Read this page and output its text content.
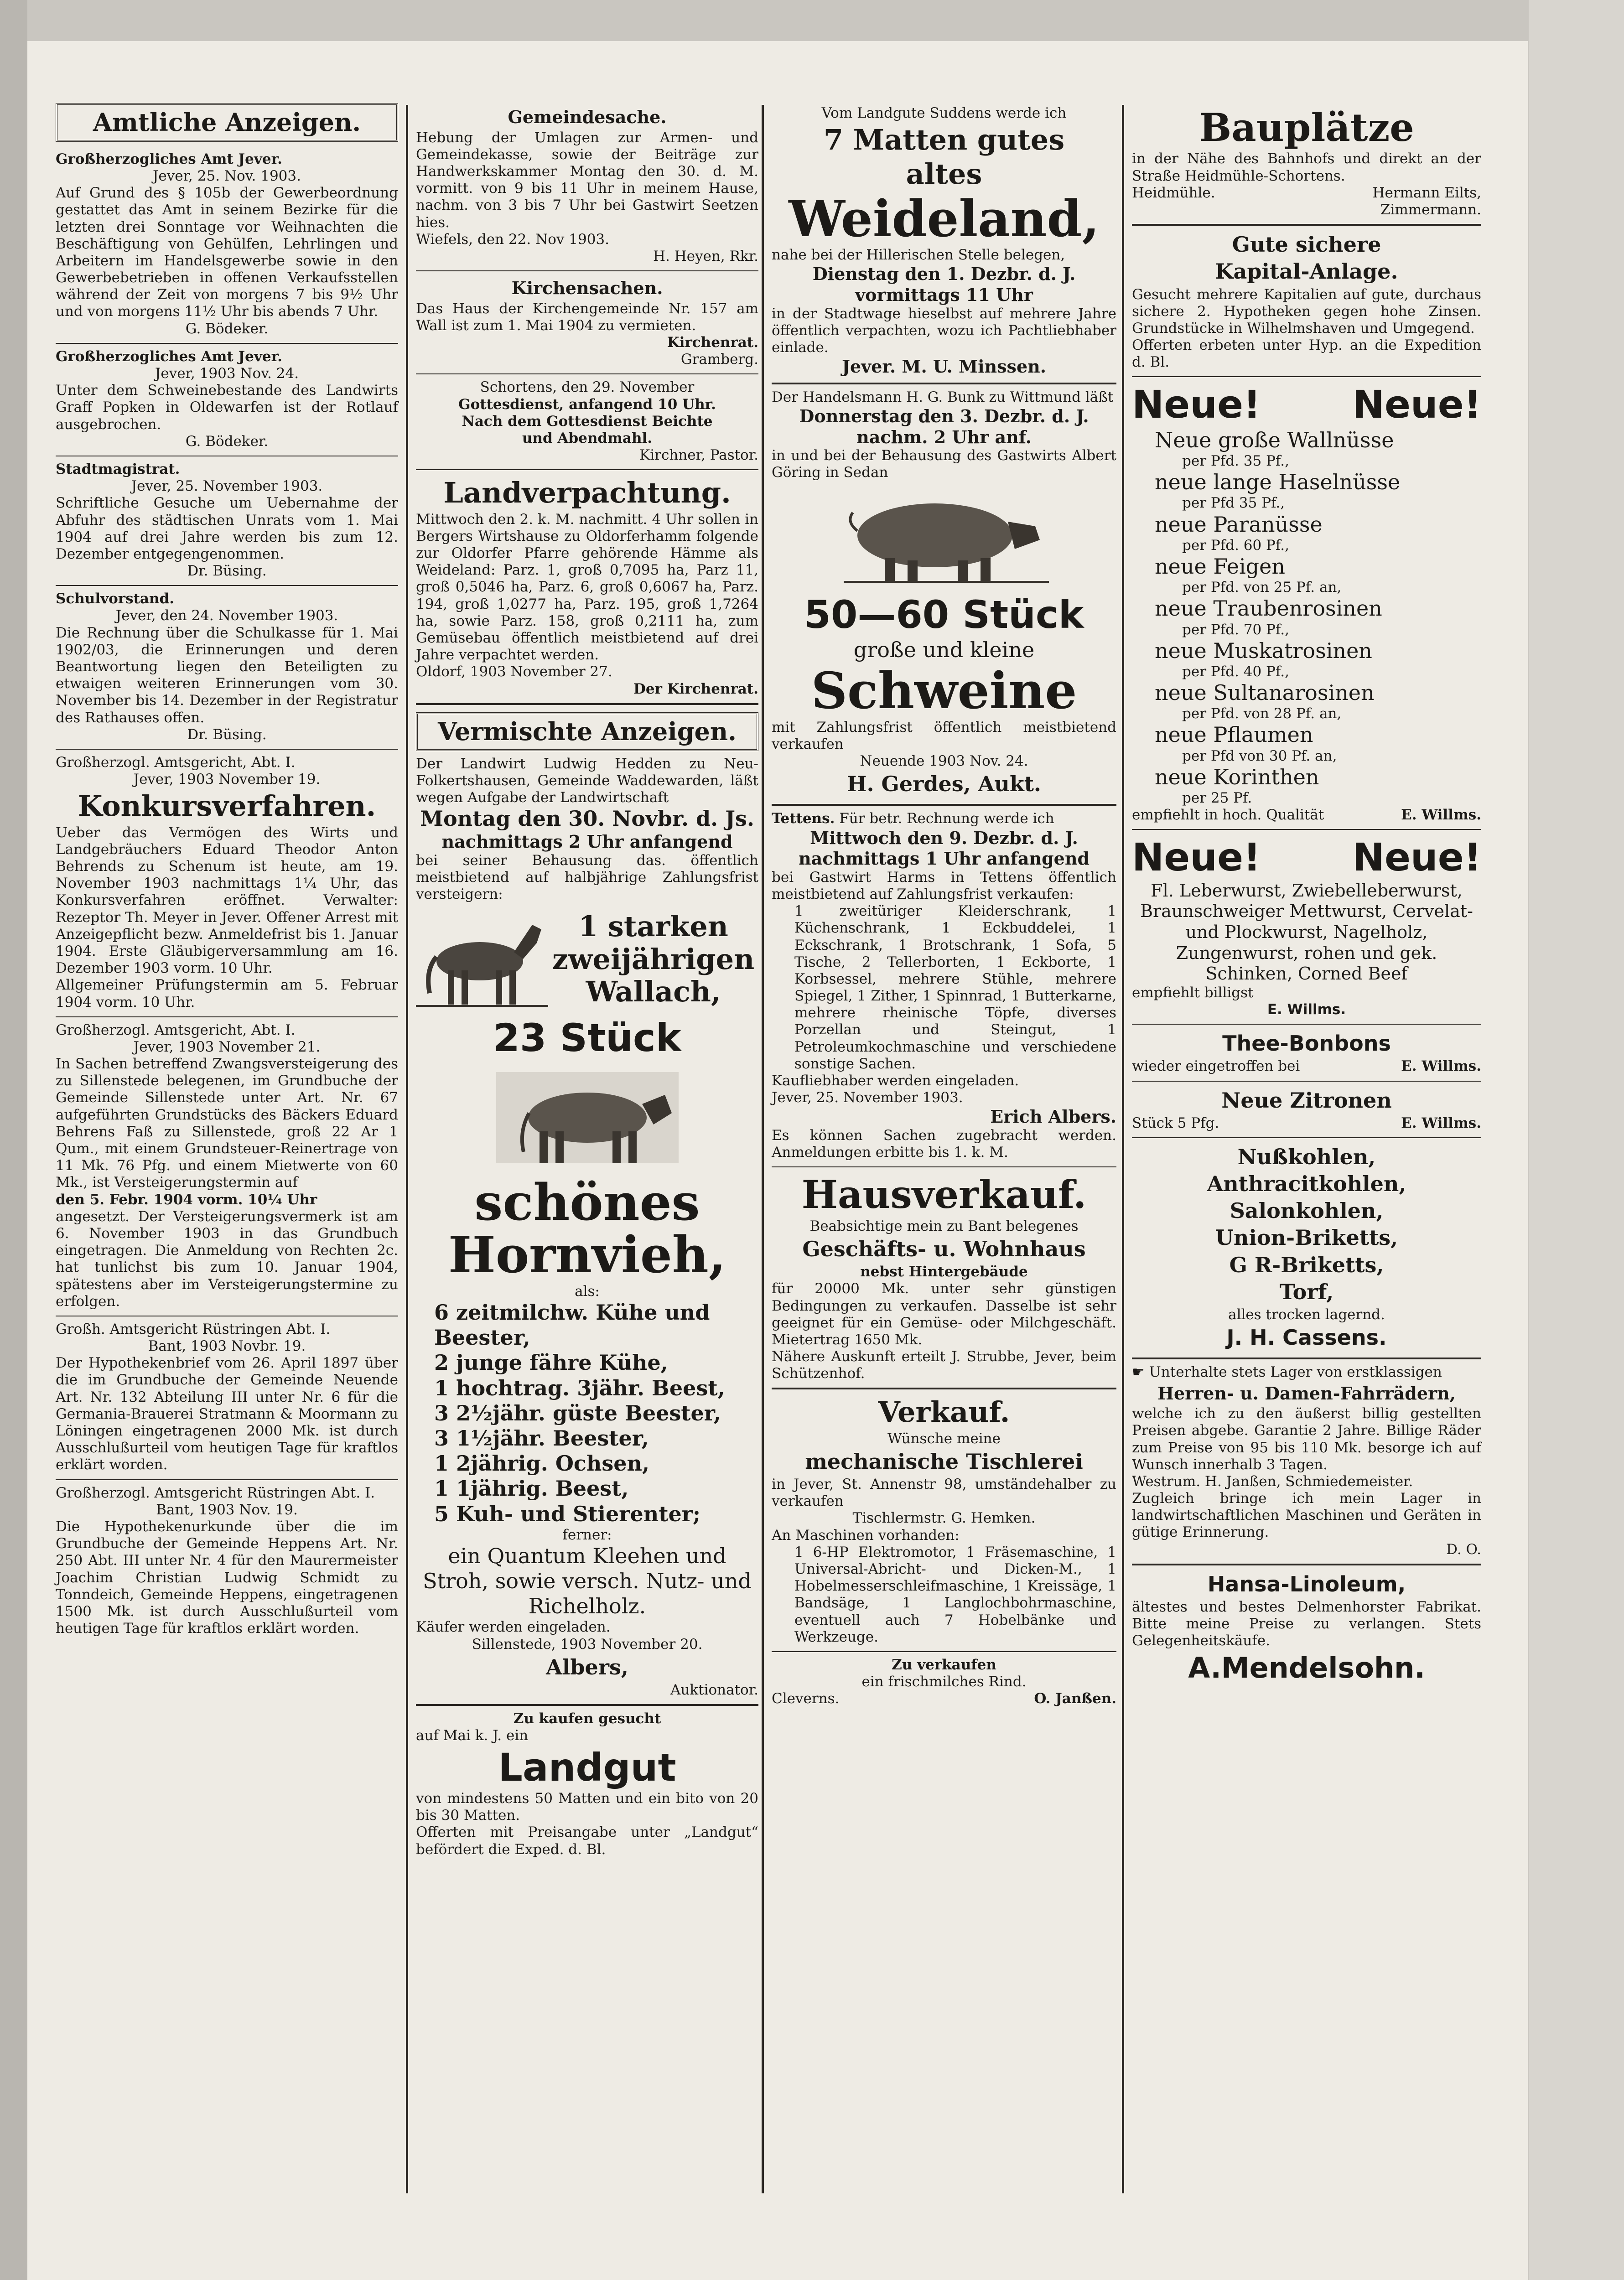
Amtliche Anzeigen.

Großherzogliches Amt Jever.

Jever, 25. Nov. 1903.

Auf Grund des § 105b der Gewerbeordnung gestattet das Amt in seinem Bezirke für die letzten drei Sonntage vor Weihnachten die Beschäftigung von Gehülfen, Lehrlingen und Arbeitern im Handelsgewerbe sowie in den Gewerbebetrieben in offenen Verkaufsstellen während der Zeit von morgens 7 bis 9½ Uhr und von morgens 11½ Uhr bis abends 7 Uhr.

G. Bödeker.

Großherzogliches Amt Jever.

Jever, 1903 Nov. 24.

Unter dem Schweinebestande des Landwirts Graff Popken in Oldewarfen ist der Rotlauf ausgebrochen.

G. Bödeker.

Stadtmagistrat.

Jever, 25. November 1903.

Schriftliche Gesuche um Uebernahme der Abfuhr des städtischen Unrats vom 1. Mai 1904 auf drei Jahre werden bis zum 12. Dezember entgegengenommen.

Dr. Büsing.

Schulvorstand.

Jever, den 24. November 1903.

Die Rechnung über die Schulkasse für 1. Mai 1902/03, die Erinnerungen und deren Beantwortung liegen den Beteiligten zu etwaigen weiteren Erinnerungen vom 30. November bis 14. Dezember in der Registratur des Rathauses offen.

Dr. Büsing.

Großherzogl. Amtsgericht, Abt. I.

Jever, 1903 November 19.

Konkursverfahren.

Ueber das Vermögen des Wirts und Landgebräuchers Eduard Theodor Anton Behrends zu Schenum ist heute, am 19. November 1903 nachmittags 1¼ Uhr, das Konkursverfahren eröffnet. Verwalter: Rezeptor Th. Meyer in Jever. Offener Arrest mit Anzeigepflicht bezw. Anmeldefrist bis 1. Januar 1904. Erste Gläubigerversammlung am 16. Dezember 1903 vorm. 10 Uhr.

Allgemeiner Prüfungstermin am 5. Februar 1904 vorm. 10 Uhr.

Großherzogl. Amtsgericht, Abt. I.

Jever, 1903 November 21.

In Sachen betreffend Zwangsversteigerung des zu Sillenstede belegenen, im Grundbuche der Gemeinde Sillenstede unter Art. Nr. 67 aufgeführten Grundstücks des Bäckers Eduard Behrens Faß zu Sillenstede, groß 22 Ar 1 Qum., mit einem Grundsteuer-Reinertrage von 11 Mk. 76 Pfg. und einem Mietwerte von 60 Mk., ist Versteigerungstermin auf

den 5. Febr. 1904 vorm. 10¼ Uhr

angesetzt. Der Versteigerungsvermerk ist am 6. November 1903 in das Grundbuch eingetragen. Die Anmeldung von Rechten 2c. hat tunlichst bis zum 10. Januar 1904, spätestens aber im Versteigerungstermine zu erfolgen.

Großh. Amtsgericht Rüstringen Abt. I.

Bant, 1903 Novbr. 19.

Der Hypothekenbrief vom 26. April 1897 über die im Grundbuche der Gemeinde Neuende Art. Nr. 132 Abteilung III unter Nr. 6 für die Germania-Brauerei Stratmann & Moormann zu Löningen eingetragenen 2000 Mk. ist durch Ausschlußurteil vom heutigen Tage für kraftlos erklärt worden.

Großherzogl. Amtsgericht Rüstringen Abt. I.

Bant, 1903 Nov. 19.

Die Hypothekenurkunde über die im Grundbuche der Gemeinde Heppens Art. Nr. 250 Abt. III unter Nr. 4 für den Maurermeister Joachim Christian Ludwig Schmidt zu Tonndeich, Gemeinde Heppens, eingetragenen 1500 Mk. ist durch Ausschlußurteil vom heutigen Tage für kraftlos erklärt worden.

Gemeindesache.

Hebung der Umlagen zur Armen- und Gemeindekasse, sowie der Beiträge zur Handwerkskammer Montag den 30. d. M. vormitt. von 9 bis 11 Uhr in meinem Hause, nachm. von 3 bis 7 Uhr bei Gastwirt Seetzen hies.

Wiefels, den 22. Nov 1903.

H. Heyen, Rkr.

Kirchensachen.

Das Haus der Kirchengemeinde Nr. 157 am Wall ist zum 1. Mai 1904 zu vermieten.

Kirchenrat.

Gramberg.

Schortens, den 29. November

Gottesdienst, anfangend 10 Uhr.

Nach dem Gottesdienst Beichte

und Abendmahl.

Kirchner, Pastor.

Landverpachtung.

Mittwoch den 2. k. M. nachmitt. 4 Uhr sollen in Bergers Wirtshause zu Oldorferhamm folgende zur Oldorfer Pfarre gehörende Hämme als Weideland: Parz. 1, groß 0,7095 ha, Parz 11, groß 0,5046 ha, Parz. 6, groß 0,6067 ha, Parz. 194, groß 1,0277 ha, Parz. 195, groß 1,7264 ha, sowie Parz. 158, groß 0,2111 ha, zum Gemüsebau öffentlich meistbietend auf drei Jahre verpachtet werden.

Oldorf, 1903 November 27.

Der Kirchenrat.

Vermischte Anzeigen.

Der Landwirt Ludwig Hedden zu Neu-Folkertshausen, Gemeinde Waddewarden, läßt wegen Aufgabe der Landwirtschaft

Montag den 30. Novbr. d. Js.

nachmittags 2 Uhr anfangend

bei seiner Behausung das. öffentlich meistbietend auf halbjährige Zahlungsfrist versteigern:

1 starken zweijährigen Wallach,

23 Stück

schönes Hornvieh,

als:

6 zeitmilchw. Kühe und Beester,
2 junge fähre Kühe,
1 hochtrag. 3jähr. Beest,
3 2½jähr. güste Beester,
3 1½jähr. Beester,
1 2jährig. Ochsen,
1 1jährig. Beest,
5 Kuh- und Stierenter;

ferner:

ein Quantum Kleehen und Stroh, sowie versch. Nutz- und Richelholz.

Käufer werden eingeladen.

Sillenstede, 1903 November 20.

Albers,

Auktionator.

Zu kaufen gesucht

auf Mai k. J. ein

Landgut

von mindestens 50 Matten und ein bito von 20 bis 30 Matten.

Offerten mit Preisangabe unter „Landgut“ befördert die Exped. d. Bl.

Vom Landgute Suddens werde ich

7 Matten gutes

altes

Weideland,

nahe bei der Hillerischen Stelle belegen,

Dienstag den 1. Dezbr. d. J.

vormittags 11 Uhr

in der Stadtwage hieselbst auf mehrere Jahre öffentlich verpachten, wozu ich Pachtliebhaber einlade.

Jever. M. U. Minssen.

Der Handelsmann H. G. Bunk zu Wittmund läßt

Donnerstag den 3. Dezbr. d. J.

nachm. 2 Uhr anf.

in und bei der Behausung des Gastwirts Albert Göring in Sedan

50—60 Stück

große und kleine

Schweine

mit Zahlungsfrist öffentlich meistbietend verkaufen

Neuende 1903 Nov. 24.

H. Gerdes, Aukt.

Tettens. Für betr. Rechnung werde ich

Mittwoch den 9. Dezbr. d. J.

nachmittags 1 Uhr anfangend

bei Gastwirt Harms in Tettens öffentlich meistbietend auf Zahlungsfrist verkaufen:

1 zweitüriger Kleiderschrank, 1 Küchenschrank, 1 Eckbuddelei, 1 Eckschrank, 1 Brotschrank, 1 Sofa, 5 Tische, 2 Tellerborten, 1 Eckborte, 1 Korbsessel, mehrere Stühle, mehrere Spiegel, 1 Zither, 1 Spinnrad, 1 Butterkarne, mehrere rheinische Töpfe, diverses Porzellan und Steingut, 1 Petroleumkochmaschine und verschiedene sonstige Sachen.

Kaufliebhaber werden eingeladen.

Jever, 25. November 1903.

Erich Albers.

Es können Sachen zugebracht werden. Anmeldungen erbitte bis 1. k. M.

Hausverkauf.

Beabsichtige mein zu Bant belegenes

Geschäfts- u. Wohnhaus

nebst Hintergebäude

für 20000 Mk. unter sehr günstigen Bedingungen zu verkaufen. Dasselbe ist sehr geeignet für ein Gemüse- oder Milchgeschäft. Mietertrag 1650 Mk.

Nähere Auskunft erteilt J. Strubbe, Jever, beim Schützenhof.

Verkauf.

Wünsche meine

mechanische Tischlerei

in Jever, St. Annenstr 98, umständehalber zu verkaufen

Tischlermstr. G. Hemken.

An Maschinen vorhanden:

1 6-HP Elektromotor, 1 Fräsemaschine, 1 Universal-Abricht- und Dicken-M., 1 Hobelmesserschleifmaschine, 1 Kreissäge, 1 Bandsäge, 1 Langlochbohrmaschine, eventuell auch 7 Hobelbänke und Werkzeuge.

Zu verkaufen

ein frischmilches Rind.

Cleverns.	O. Janßen.

Bauplätze

in der Nähe des Bahnhofs und direkt an der Straße Heidmühle-Schortens.

Heidmühle.	Hermann Eilts,

Zimmermann.

Gute sichere

Kapital-Anlage.

Gesucht mehrere Kapitalien auf gute, durchaus sichere 2. Hypotheken gegen hohe Zinsen. Grundstücke in Wilhelmshaven und Umgegend.

Offerten erbeten unter Hyp. an die Expedition d. Bl.

Neue! Neue!
Neue große Wallnüsse
per Pfd. 35 Pf.,
neue lange Haselnüsse
per Pfd 35 Pf.,
neue Paranüsse
per Pfd. 60 Pf.,
neue Feigen
per Pfd. von 25 Pf. an,
neue Traubenrosinen
per Pfd. 70 Pf.,
neue Muskatrosinen
per Pfd. 40 Pf.,
neue Sultanarosinen
per Pfd. von 28 Pf. an,
neue Pflaumen
per Pfd von 30 Pf. an,
neue Korinthen
per 25 Pf.
empfiehlt in hoch. Qualität	E. Willms.
Neue! Neue!

Fl. Leberwurst, Zwiebelleberwurst, Braunschweiger Mettwurst, Cervelat- und Plockwurst, Nagelholz, Zungenwurst, rohen und gek. Schinken, Corned Beef

empfiehlt billigst

E. Willms.

Thee-Bonbons

wieder eingetroffen bei	E. Willms.

Neue Zitronen

Stück 5 Pfg.	E. Willms.

Nußkohlen,

Anthracitkohlen,

Salonkohlen,

Union-Briketts,

G R-Briketts,

Torf,

alles trocken lagernd.

J. H. Cassens.

☛ Unterhalte stets Lager von erstklassigen

Herren- u. Damen-Fahrrädern,

welche ich zu den äußerst billig gestellten Preisen abgebe. Garantie 2 Jahre. Billige Räder zum Preise von 95 bis 110 Mk. besorge ich auf Wunsch innerhalb 3 Tagen.

Westrum. H. Janßen, Schmiedemeister.

Zugleich bringe ich mein Lager in landwirtschaftlichen Maschinen und Geräten in gütige Erinnerung.

D. O.

Hansa-Linoleum,

ältestes und bestes Delmenhorster Fabrikat. Bitte meine Preise zu verlangen. Stets Gelegenheitskäufe.

A.Mendelsohn.
